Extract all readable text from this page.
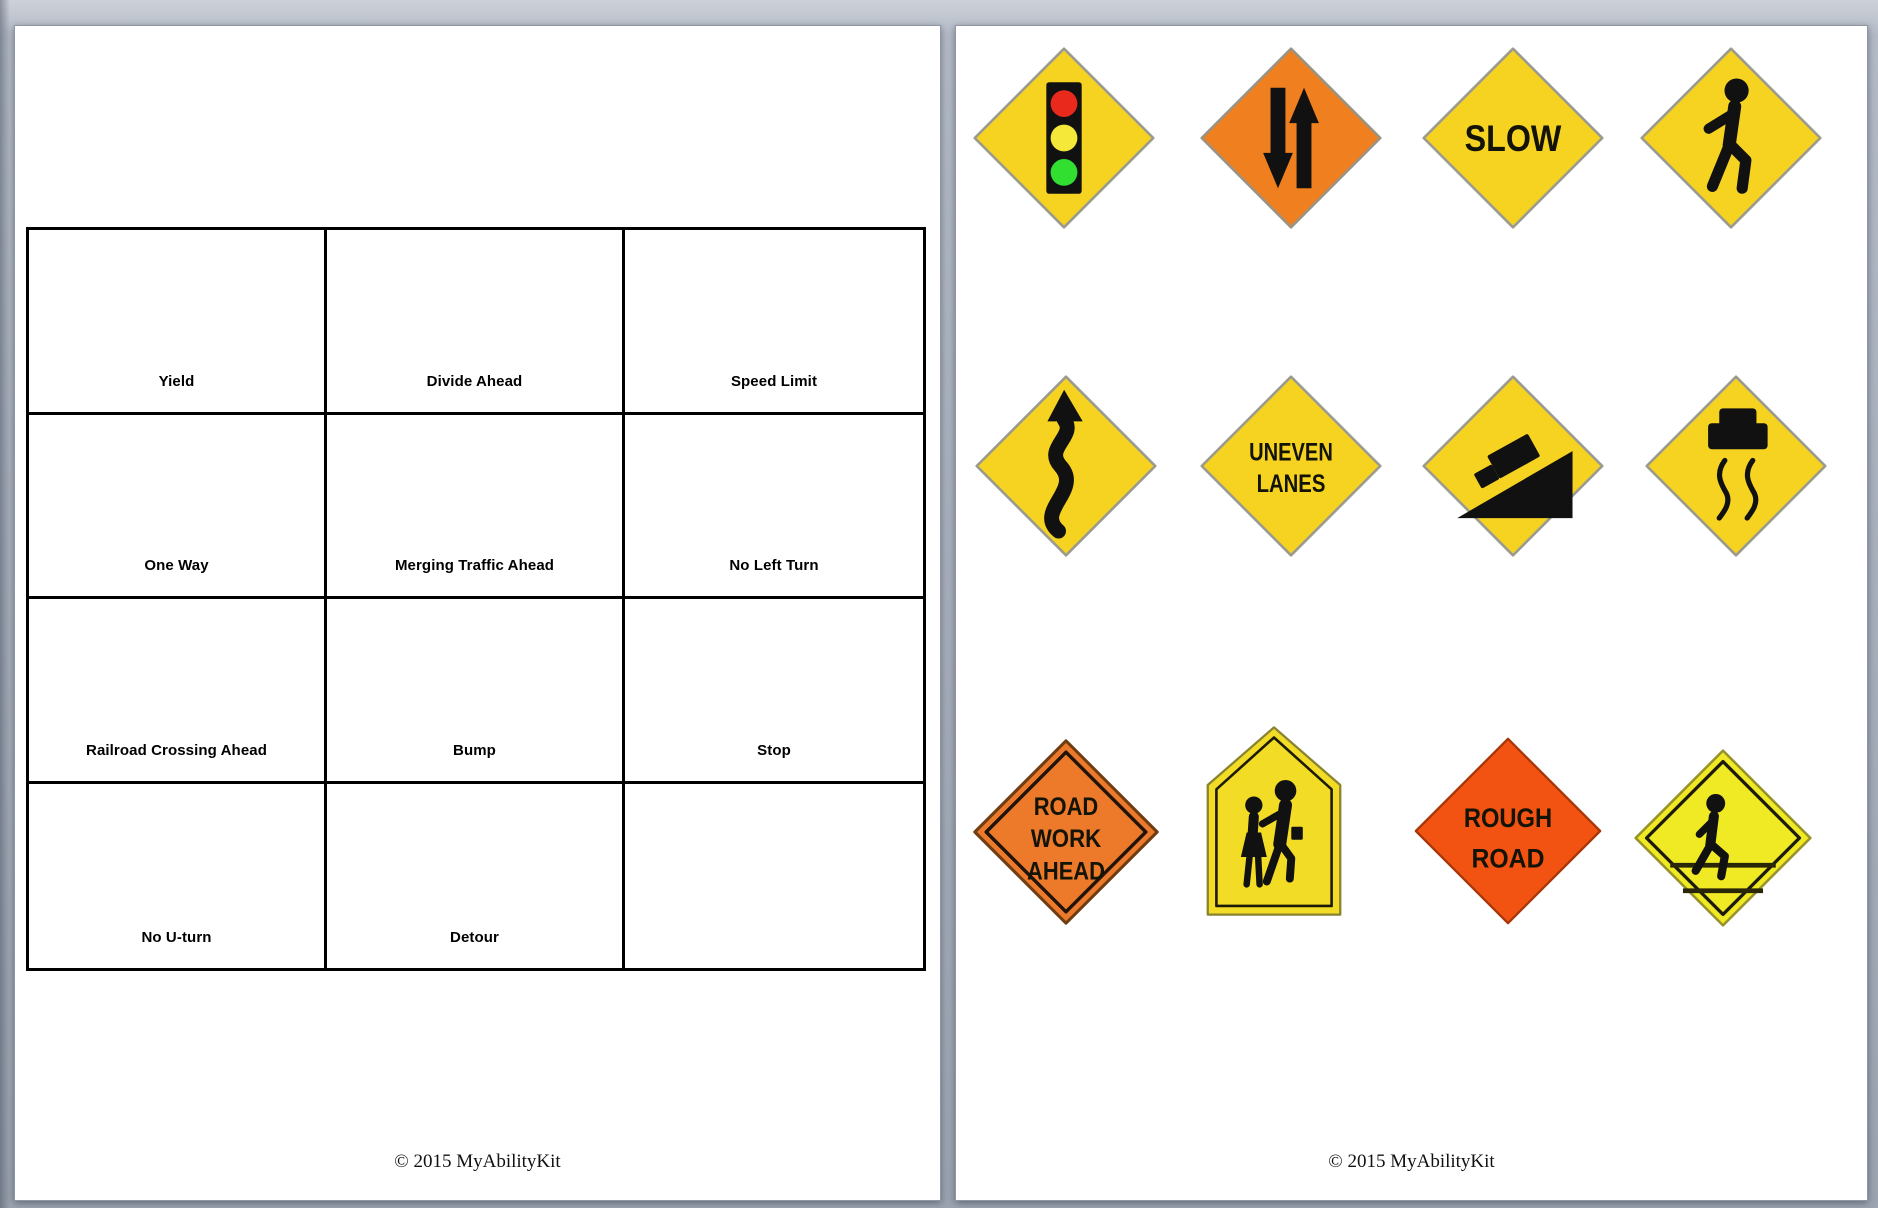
Yield	Divide Ahead	Speed Limit
One Way	Merging Traffic Ahead	No Left Turn
Railroad Crossing Ahead	Bump	Stop
No U-turn	Detour
© 2015 MyAbilityKit
SLOW
UNEVEN
LANES
ROAD
WORK
AHEAD
ROUGH
ROAD
© 2015 MyAbilityKit
